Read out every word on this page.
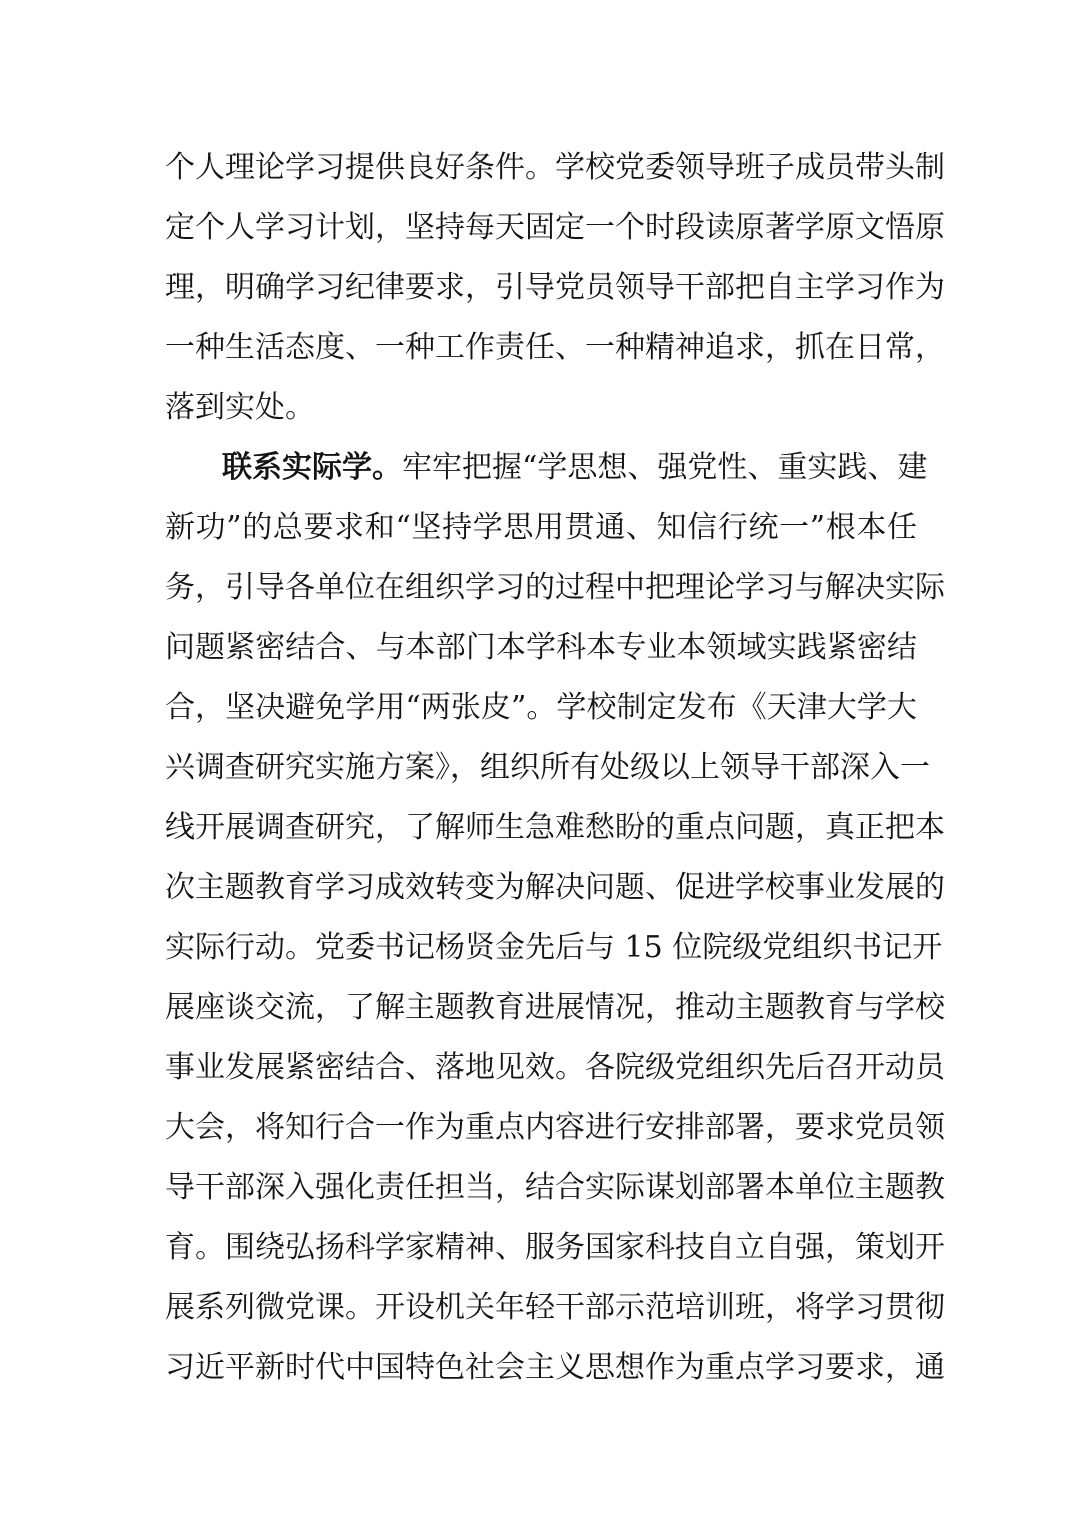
个人理论学习提供良好条件。学校党委领导班子成员带头制
定个人学习计划，坚持每天固定一个时段读原著学原文悟原
理，明确学习纪律要求，引导党员领导干部把自主学习作为
一种生活态度、一种工作责任、一种精神追求，抓在日常，
落到实处。
联系实际学。牢牢把握“学思想、强党性、重实践、建
新功”的总要求和“坚持学思用贯通、知信行统一”根本任
务，引导各单位在组织学习的过程中把理论学习与解决实际
问题紧密结合、与本部门本学科本专业本领域实践紧密结
合，坚决避免学用“两张皮”。学校制定发布《天津大学大
兴调查研究实施方案》，组织所有处级以上领导干部深入一
线开展调查研究，了解师生急难愁盼的重点问题，真正把本
次主题教育学习成效转变为解决问题、促进学校事业发展的
实际行动。党委书记杨贤金先后与 15 位院级党组织书记开
展座谈交流，了解主题教育进展情况，推动主题教育与学校
事业发展紧密结合、落地见效。各院级党组织先后召开动员
大会，将知行合一作为重点内容进行安排部署，要求党员领
导干部深入强化责任担当，结合实际谋划部署本单位主题教
育。围绕弘扬科学家精神、服务国家科技自立自强，策划开
展系列微党课。开设机关年轻干部示范培训班，将学习贯彻
习近平新时代中国特色社会主义思想作为重点学习要求，通
